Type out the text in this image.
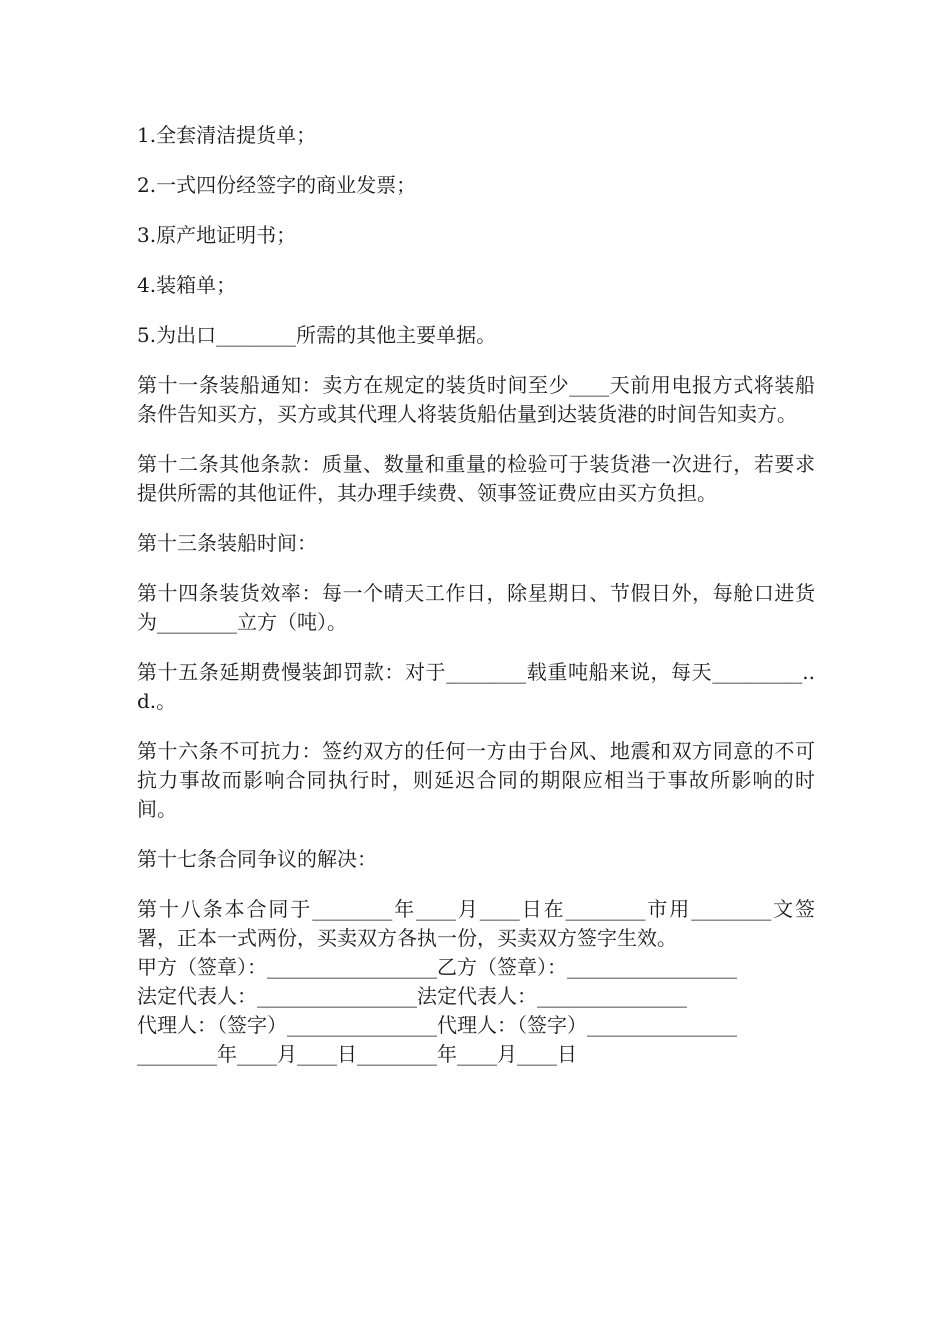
1.全套清洁提货单；

2.一式四份经签字的商业发票；

3.原产地证明书；

4.装箱单；

5.为出口________所需的其他主要单据。

第十一条装船通知：卖方在规定的装货时间至少____天前用电报方式将装船条件告知买方，买方或其代理人将装货船估量到达装货港的时间告知卖方。

第十二条其他条款：质量、数量和重量的检验可于装货港一次进行，若要求提供所需的其他证件，其办理手续费、领事签证费应由买方负担。

第十三条装船时间：

第十四条装货效率：每一个晴天工作日，除星期日、节假日外，每舱口进货为________立方（吨）。

第十五条延期费慢装卸罚款：对于________载重吨船来说，每天_________..d.。

第十六条不可抗力：签约双方的任何一方由于台风、地震和双方同意的不可抗力事故而影响合同执行时，则延迟合同的期限应相当于事故所影响的时间。

第十七条合同争议的解决：

第十八条本合同于________年____月____日在________市用________文签署，正本一式两份，买卖双方各执一份，买卖双方签字生效。

甲方（签章）：_________________乙方（签章）：_________________

法定代表人：________________法定代表人：_______________

代理人：（签字）_______________代理人：（签字）_______________

________年____月____日________年____月____日
